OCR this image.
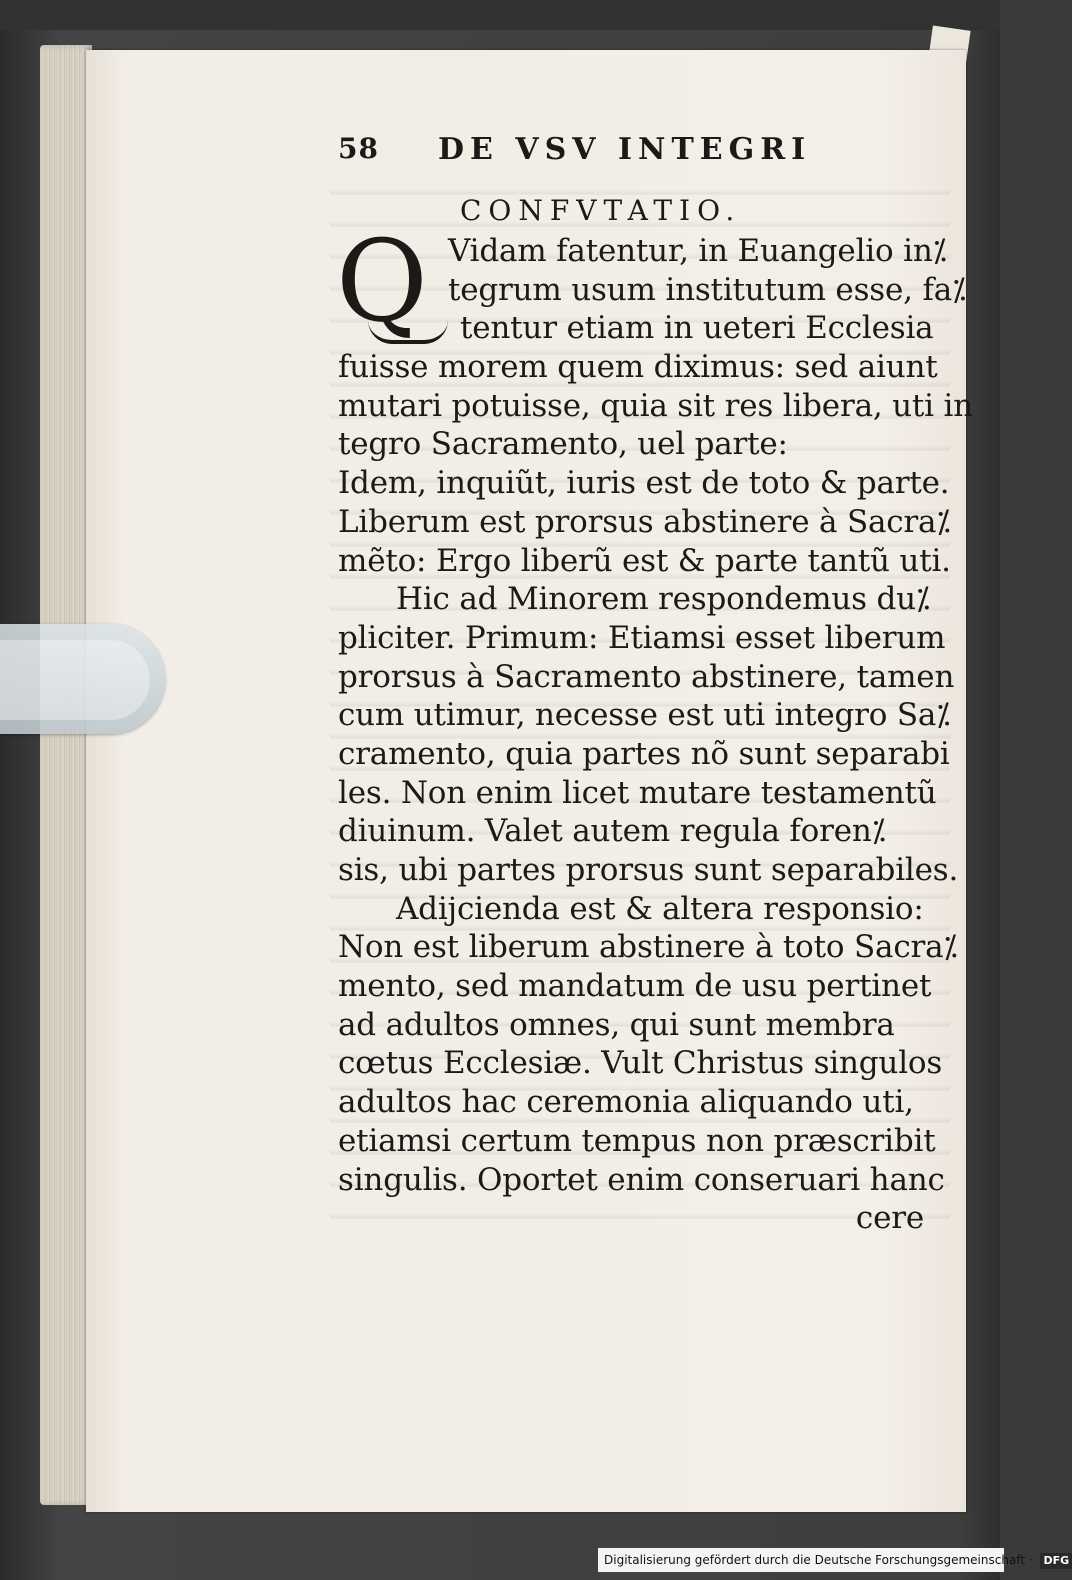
58 DE VSV INTEGRI
CONFVTATIO.
Q Vidam fatentur, in Euangelio in⁒
tegrum usum institutum esse, fa⁒
tentur etiam in ueteri Ecclesia
fuisse morem quem diximus: sed aiunt
mutari potuisse, quia sit res libera, uti in
tegro Sacramento, uel parte:
Idem, inquiũt, iuris est de toto & parte.
Liberum est prorsus abstinere à Sacra⁒
mẽto: Ergo liberũ est & parte tantũ uti.
Hic ad Minorem respondemus du⁒
pliciter. Primum: Etiamsi esset liberum
prorsus à Sacramento abstinere, tamen
cum utimur, necesse est uti integro Sa⁒
cramento, quia partes nõ sunt separabi
les. Non enim licet mutare testamentũ
diuinum. Valet autem regula foren⁒
sis, ubi partes prorsus sunt separabiles.
Adijcienda est & altera responsio:
Non est liberum abstinere à toto Sacra⁒
mento, sed mandatum de usu pertinet
ad adultos omnes, qui sunt membra
cœtus Ecclesiæ. Vult Christus singulos
adultos hac ceremonia aliquando uti,
etiamsi certum tempus non præscribit
singulis. Oportet enim conseruari hanc
cere
Digitalisierung gefördert durch die Deutsche Forschungsgemeinschaft · DFG
